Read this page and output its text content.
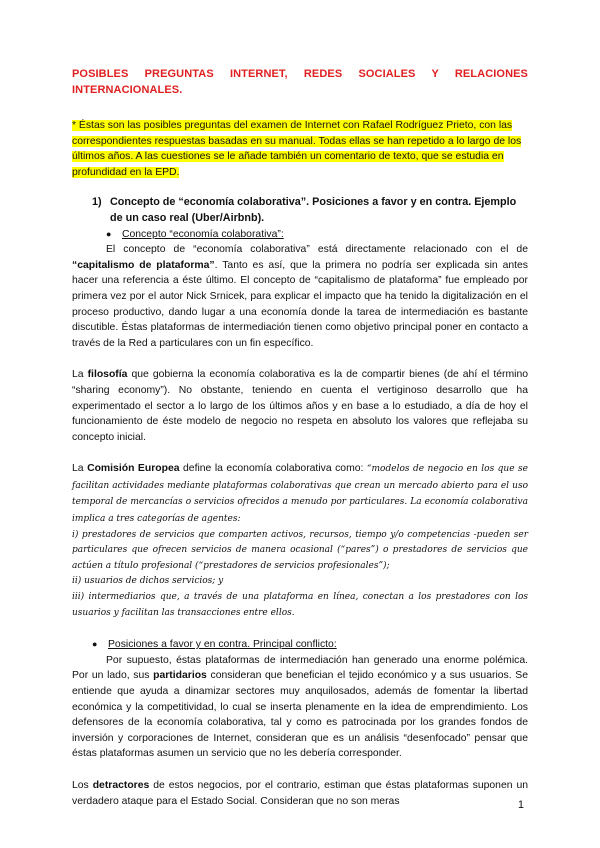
POSIBLES PREGUNTAS INTERNET, REDES SOCIALES Y RELACIONES INTERNACIONALES.

* Éstas son las posibles preguntas del examen de Internet con Rafael Rodríguez Prieto, con las correspondientes respuestas basadas en su manual. Todas ellas se han repetido a lo largo de los últimos años. A las cuestiones se le añade también un comentario de texto, que se estudia en profundidad en la EPD.
1) Concepto de “economía colaborativa”. Posiciones a favor y en contra. Ejemplo de un caso real (Uber/Airbnb).
●	Concepto “economía colaborativa”:

El concepto de “economía colaborativa” está directamente relacionado con el de “capitalismo de plataforma”. Tanto es así, que la primera no podría ser explicada sin antes hacer una referencia a éste último. El concepto de “capitalismo de plataforma” fue empleado por primera vez por el autor Nick Srnicek, para explicar el impacto que ha tenido la digitalización en el proceso productivo, dando lugar a una economía donde la tarea de intermediación es bastante discutible. Éstas plataformas de intermediación tienen como objetivo principal poner en contacto a través de la Red a particulares con un fin específico.

La filosofía que gobierna la economía colaborativa es la de compartir bienes (de ahí el término “sharing economy”). No obstante, teniendo en cuenta el vertiginoso desarrollo que ha experimentado el sector a lo largo de los últimos años y en base a lo estudiado, a día de hoy el funcionamiento de éste modelo de negocio no respeta en absoluto los valores que reflejaba su concepto inicial.

La Comisión Europea define la economía colaborativa como: “modelos de negocio en los que se facilitan actividades mediante plataformas colaborativas que crean un mercado abierto para el uso temporal de mercancías o servicios ofrecidos a menudo por particulares. La economía colaborativa implica a tres categorías de agentes:

i) prestadores de servicios que comparten activos, recursos, tiempo y/o competencias -pueden ser particulares que ofrecen servicios de manera ocasional (“pares”) o prestadores de servicios que actúen a título profesional (“prestadores de servicios profesionales”);

ii) usuarios de dichos servicios; y

iii) intermediarios que, a través de una plataforma en línea, conectan a los prestadores con los usuarios y facilitan las transacciones entre ellos.

●	Posiciones a favor y en contra. Principal conflicto:

Por supuesto, éstas plataformas de intermediación han generado una enorme polémica. Por un lado, sus partidarios consideran que benefician el tejido económico y a sus usuarios. Se entiende que ayuda a dinamizar sectores muy anquilosados, además de fomentar la libertad económica y la competitividad, lo cual se inserta plenamente en la idea de emprendimiento. Los defensores de la economía colaborativa, tal y como es patrocinada por los grandes fondos de inversión y corporaciones de Internet, consideran que es un análisis “desenfocado” pensar que éstas plataformas asumen un servicio que no les debería corresponder.

Los detractores de estos negocios, por el contrario, estiman que éstas plataformas suponen un verdadero ataque para el Estado Social. Consideran que no son meras	1
